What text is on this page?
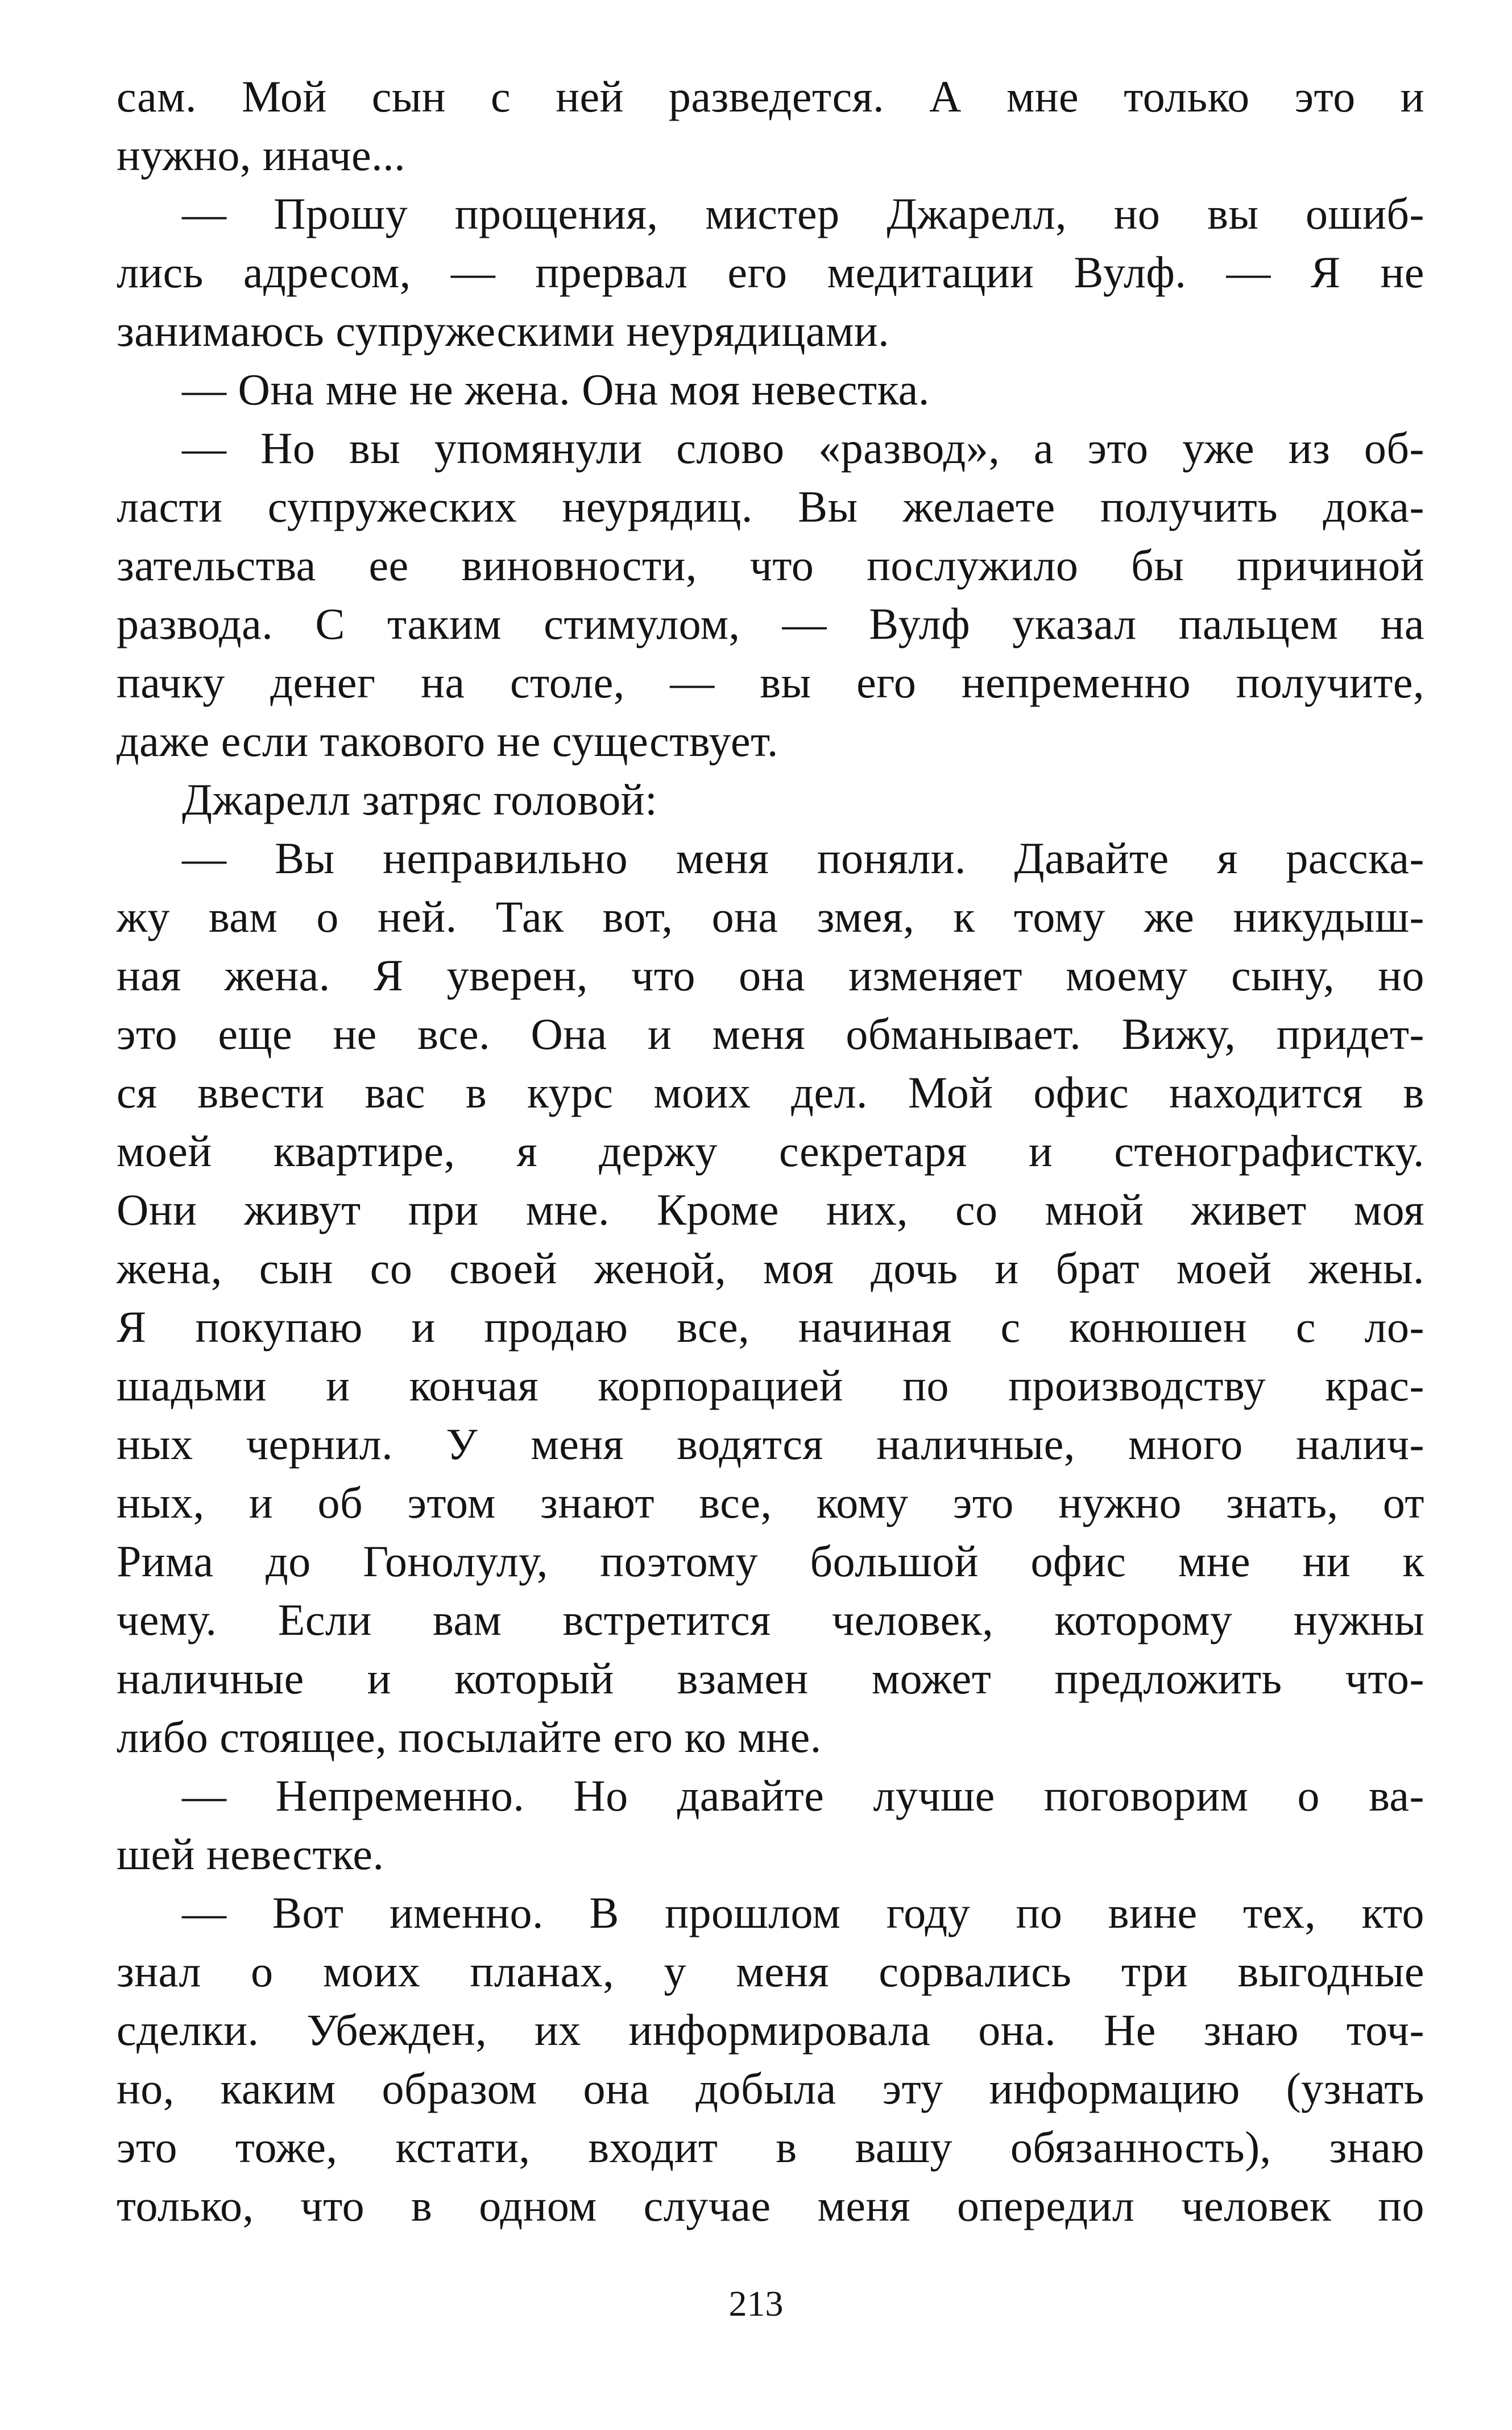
сам. Мой сын с ней разведется. А мне только это и
нужно, иначе...
— Прошу прощения, мистер Джарелл, но вы ошиб-
лись адресом, — прервал его медитации Вулф. — Я не
занимаюсь супружескими неурядицами.
— Она мне не жена. Она моя невестка.
— Но вы упомянули слово «развод», а это уже из об-
ласти супружеских неурядиц. Вы желаете получить дока-
зательства ее виновности, что послужило бы причиной
развода. С таким стимулом, — Вулф указал пальцем на
пачку денег на столе, — вы его непременно получите,
даже если такового не существует.
Джарелл затряс головой:
— Вы неправильно меня поняли. Давайте я расска-
жу вам о ней. Так вот, она змея, к тому же никудыш-
ная жена. Я уверен, что она изменяет моему сыну, но
это еще не все. Она и меня обманывает. Вижу, придет-
ся ввести вас в курс моих дел. Мой офис находится в
моей квартире, я держу секретаря и стенографистку.
Они живут при мне. Кроме них, со мной живет моя
жена, сын со своей женой, моя дочь и брат моей жены.
Я покупаю и продаю все, начиная с конюшен с ло-
шадьми и кончая корпорацией по производству крас-
ных чернил. У меня водятся наличные, много налич-
ных, и об этом знают все, кому это нужно знать, от
Рима до Гонолулу, поэтому большой офис мне ни к
чему. Если вам встретится человек, которому нужны
наличные и который взамен может предложить что-
либо стоящее, посылайте его ко мне.
— Непременно. Но давайте лучше поговорим о ва-
шей невестке.
— Вот именно. В прошлом году по вине тех, кто
знал о моих планах, у меня сорвались три выгодные
сделки. Убежден, их информировала она. Не знаю точ-
но, каким образом она добыла эту информацию (узнать
это тоже, кстати, входит в вашу обязанность), знаю
только, что в одном случае меня опередил человек по
213
